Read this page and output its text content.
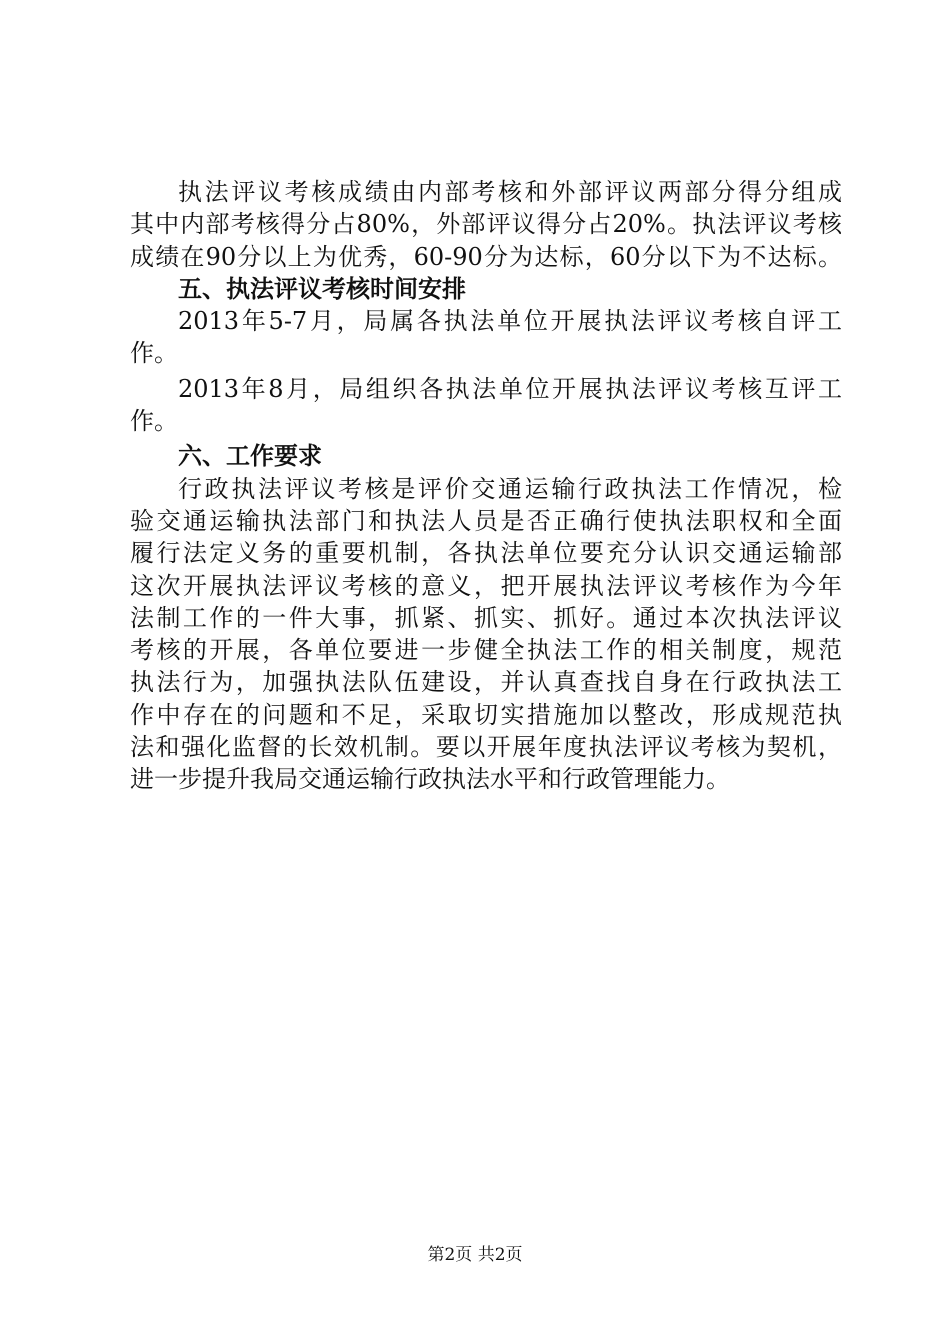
执法评议考核成绩由内部考核和外部评议两部分得分组成
其中内部考核得分占80%，外部评议得分占20%。执法评议考核
成绩在90分以上为优秀，60-90分为达标，60分以下为不达标。
五、执法评议考核时间安排
2013年5-7月，局属各执法单位开展执法评议考核自评工
作。
2013年8月，局组织各执法单位开展执法评议考核互评工
作。
六、工作要求
行政执法评议考核是评价交通运输行政执法工作情况，检
验交通运输执法部门和执法人员是否正确行使执法职权和全面
履行法定义务的重要机制，各执法单位要充分认识交通运输部
这次开展执法评议考核的意义，把开展执法评议考核作为今年
法制工作的一件大事，抓紧、抓实、抓好。通过本次执法评议
考核的开展，各单位要进一步健全执法工作的相关制度，规范
执法行为，加强执法队伍建设，并认真查找自身在行政执法工
作中存在的问题和不足，采取切实措施加以整改，形成规范执
法和强化监督的长效机制。要以开展年度执法评议考核为契机，
进一步提升我局交通运输行政执法水平和行政管理能力。
第2页 共2页
